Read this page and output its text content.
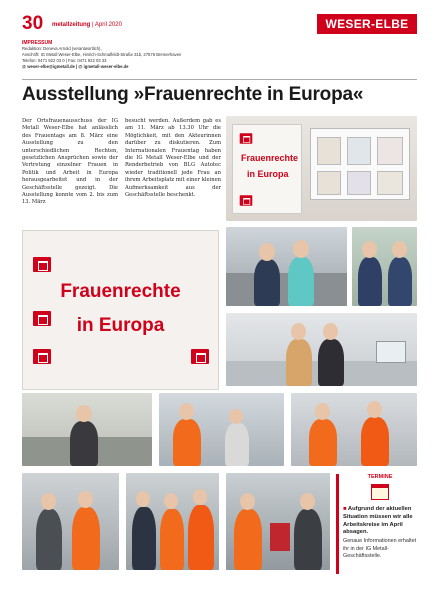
30 metallzeitung | April 2020	WESER-ELBE
IMPRESSUM
Redaktion: Deneva Arnold (verantwortlich),
Anschrift: IG Metall Weser-Elbe, Hinrich-Schmalfeldt-Straße 31b, 27576 Bremerhaven
Telefon: 0471 922 03 0 | Fax: 0471 922 03 33
@ weser-elbe@igmetall.de | @ igmetall-weser-elbe.de
Ausstellung »Frauenrechte in Europa«

Der Ortsfrauenausschuss der IG Metall Weser-Elbe hat anlässlich des Frauentags am 8. März eine Ausstellung zu den unterschiedlichen Rechten, gesetzlichen Ansprüchen sowie der Vertretung einzelner Frauen in Politik und Arbeit in Europa herausgearbeitet und in der Geschäftsstelle gezeigt. Die Ausstellung konnte vom 2. bis zum 13. März

besucht werden. Außerdem gab es am 11. März ab 13.30 Uhr die Möglichkeit, mit den Akteurinnen darüber zu diskutieren. Zum Internationalen Frauentag haben die IG Metall Weser-Elbe und der Renderbetrieb von BLG Autotec wieder traditionell jede Frau an ihrem Arbeitsplatz mit einer kleinen Aufmerksamkeit aus der Geschäftsstelle beschenkt.

Frauenrechte
in Europa
Frauenrechte
in Europa
TERMINE
■ Aufgrund der aktuellen Situation müssen wir alle Arbeitskreise im April absagen.
Genaue Informationen erhaltet ihr in der IG Metall-Geschäftsstelle.
